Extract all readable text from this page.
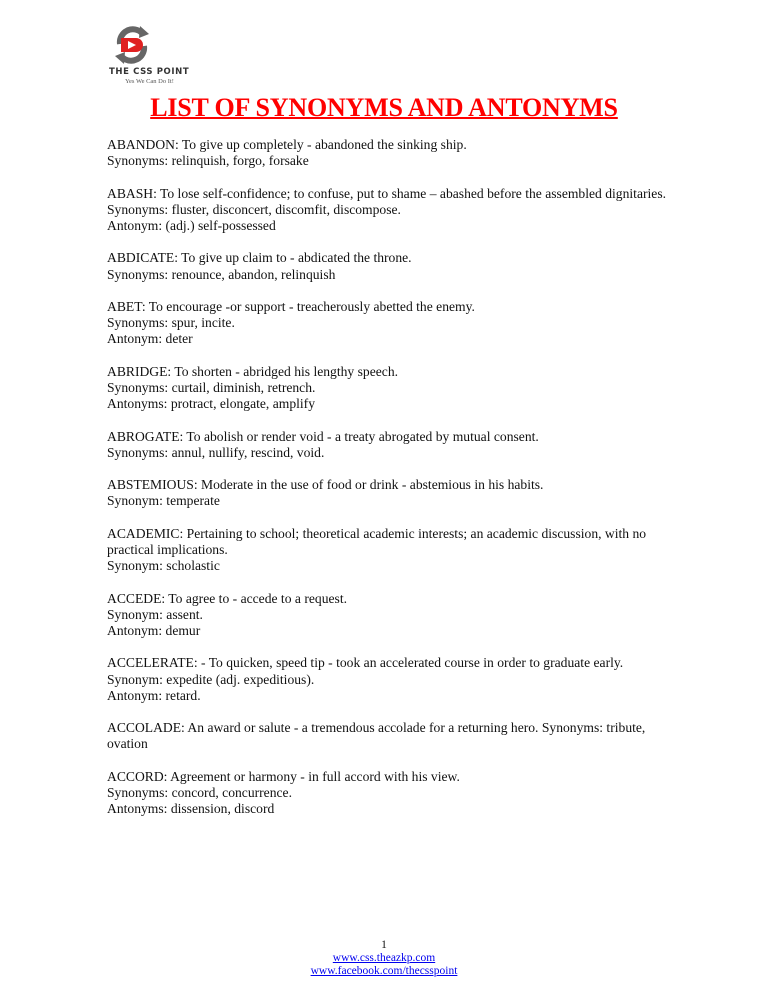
THE CSS POINT
Yes We Can Do It!
LIST OF SYNONYMS AND ANTONYMS

ABANDON: To give up completely - abandoned the sinking ship.

Synonyms: relinquish, forgo, forsake

ABASH: To lose self-confidence; to confuse, put to shame – abashed before the assembled dignitaries.

Synonyms: fluster, disconcert, discomfit, discompose.

Antonym: (adj.) self-possessed

ABDICATE: To give up claim to - abdicated the throne.

Synonyms: renounce, abandon, relinquish

ABET: To encourage -or support - treacherously abetted the enemy.

Synonyms: spur, incite.

Antonym: deter

ABRIDGE: To shorten - abridged his lengthy speech.

Synonyms: curtail, diminish, retrench.

Antonyms: protract, elongate, amplify

ABROGATE: To abolish or render void - a treaty abrogated by mutual consent.

Synonyms: annul, nullify, rescind, void.

ABSTEMIOUS: Moderate in the use of food or drink - abstemious in his habits.

Synonym: temperate

ACADEMIC: Pertaining to school; theoretical academic interests; an academic discussion, with no practical implications.

Synonym: scholastic

ACCEDE: To agree to - accede to a request.

Synonym: assent.

Antonym: demur

ACCELERATE: - To quicken, speed tip - took an accelerated course in order to graduate early.

Synonym: expedite (adj. expeditious).

Antonym: retard.

ACCOLADE: An award or salute - a tremendous accolade for a returning hero. Synonyms: tribute, ovation

ACCORD: Agreement or harmony - in full accord with his view.

Synonyms: concord, concurrence.

Antonyms: dissension, discord

1
www.css.theazkp.com
www.facebook.com/thecsspoint
